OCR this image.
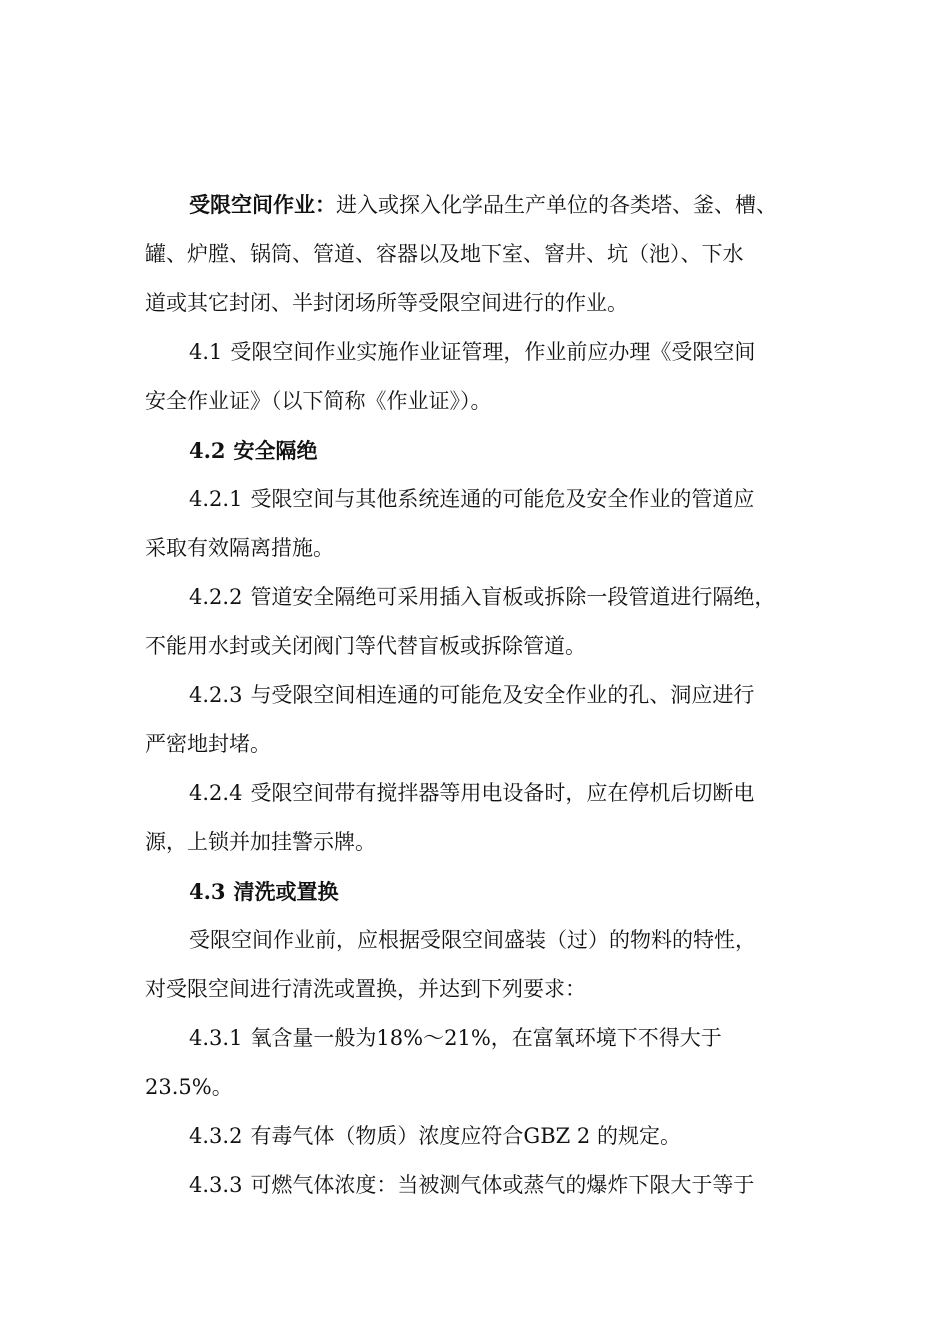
受限空间作业：进入或探入化学品生产单位的各类塔、釜、槽、

罐、炉膛、锅筒、管道、容器以及地下室、窨井、坑（池）、下水

道或其它封闭、半封闭场所等受限空间进行的作业。

4.1 受限空间作业实施作业证管理，作业前应办理《受限空间

安全作业证》（以下简称《作业证》）。

4.2 安全隔绝

4.2.1 受限空间与其他系统连通的可能危及安全作业的管道应

采取有效隔离措施。

4.2.2 管道安全隔绝可采用插入盲板或拆除一段管道进行隔绝，

不能用水封或关闭阀门等代替盲板或拆除管道。

4.2.3 与受限空间相连通的可能危及安全作业的孔、洞应进行

严密地封堵。

4.2.4 受限空间带有搅拌器等用电设备时，应在停机后切断电

源，上锁并加挂警示牌。

4.3 清洗或置换

受限空间作业前，应根据受限空间盛装（过）的物料的特性，

对受限空间进行清洗或置换，并达到下列要求：

4.3.1 氧含量一般为18%～21%，在富氧环境下不得大于

23.5%。

4.3.2 有毒气体（物质）浓度应符合GBZ 2 的规定。

4.3.3 可燃气体浓度：当被测气体或蒸气的爆炸下限大于等于
